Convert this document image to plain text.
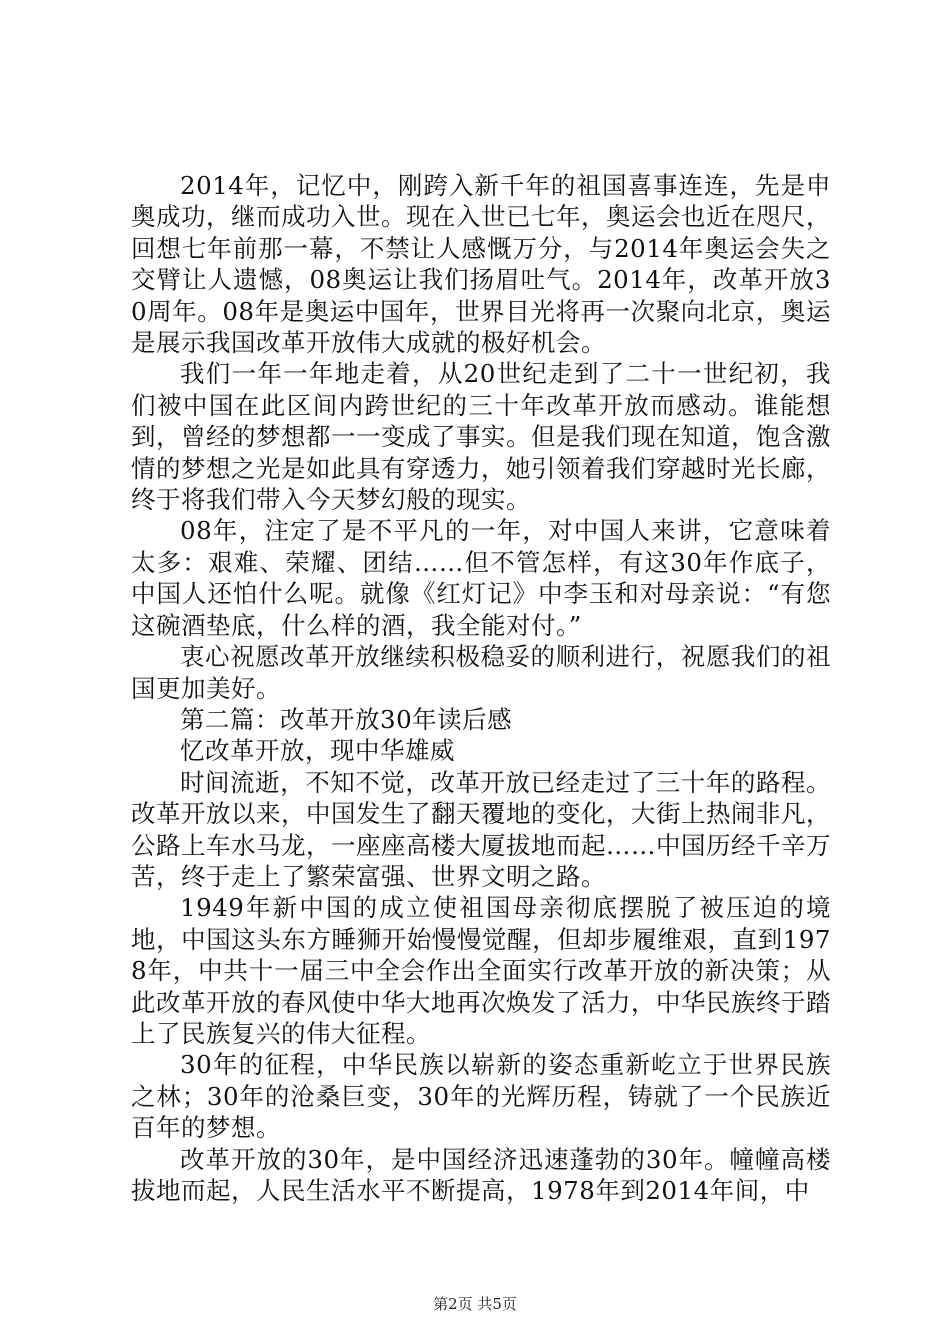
2014年，记忆中，刚跨入新千年的祖国喜事连连，先是申奥成功，继而成功入世。现在入世已七年，奥运会也近在咫尺，回想七年前那一幕，不禁让人感慨万分，与2014年奥运会失之交臂让人遗憾，08奥运让我们扬眉吐气。2014年，改革开放30周年。08年是奥运中国年，世界目光将再一次聚向北京，奥运是展示我国改革开放伟大成就的极好机会。

我们一年一年地走着，从20世纪走到了二十一世纪初，我们被中国在此区间内跨世纪的三十年改革开放而感动。谁能想到，曾经的梦想都一一变成了事实。但是我们现在知道，饱含激情的梦想之光是如此具有穿透力，她引领着我们穿越时光长廊，终于将我们带入今天梦幻般的现实。

08年，注定了是不平凡的一年，对中国人来讲，它意味着太多：艰难、荣耀、团结……但不管怎样，有这30年作底子，中国人还怕什么呢。就像《红灯记》中李玉和对母亲说：“有您这碗酒垫底，什么样的酒，我全能对付。”

衷心祝愿改革开放继续积极稳妥的顺利进行，祝愿我们的祖国更加美好。

第二篇：改革开放30年读后感

忆改革开放，现中华雄威

时间流逝，不知不觉，改革开放已经走过了三十年的路程。改革开放以来，中国发生了翻天覆地的变化，大街上热闹非凡，公路上车水马龙，一座座高楼大厦拔地而起……中国历经千辛万苦，终于走上了繁荣富强、世界文明之路。

1949年新中国的成立使祖国母亲彻底摆脱了被压迫的境地，中国这头东方睡狮开始慢慢觉醒，但却步履维艰，直到1978年，中共十一届三中全会作出全面实行改革开放的新决策；从此改革开放的春风使中华大地再次焕发了活力，中华民族终于踏上了民族复兴的伟大征程。

30年的征程，中华民族以崭新的姿态重新屹立于世界民族之林；30年的沧桑巨变，30年的光辉历程，铸就了一个民族近百年的梦想。

改革开放的30年，是中国经济迅速蓬勃的30年。幢幢高楼拔地而起，人民生活水平不断提高，1978年到2014年间，中

第2页 共5页
